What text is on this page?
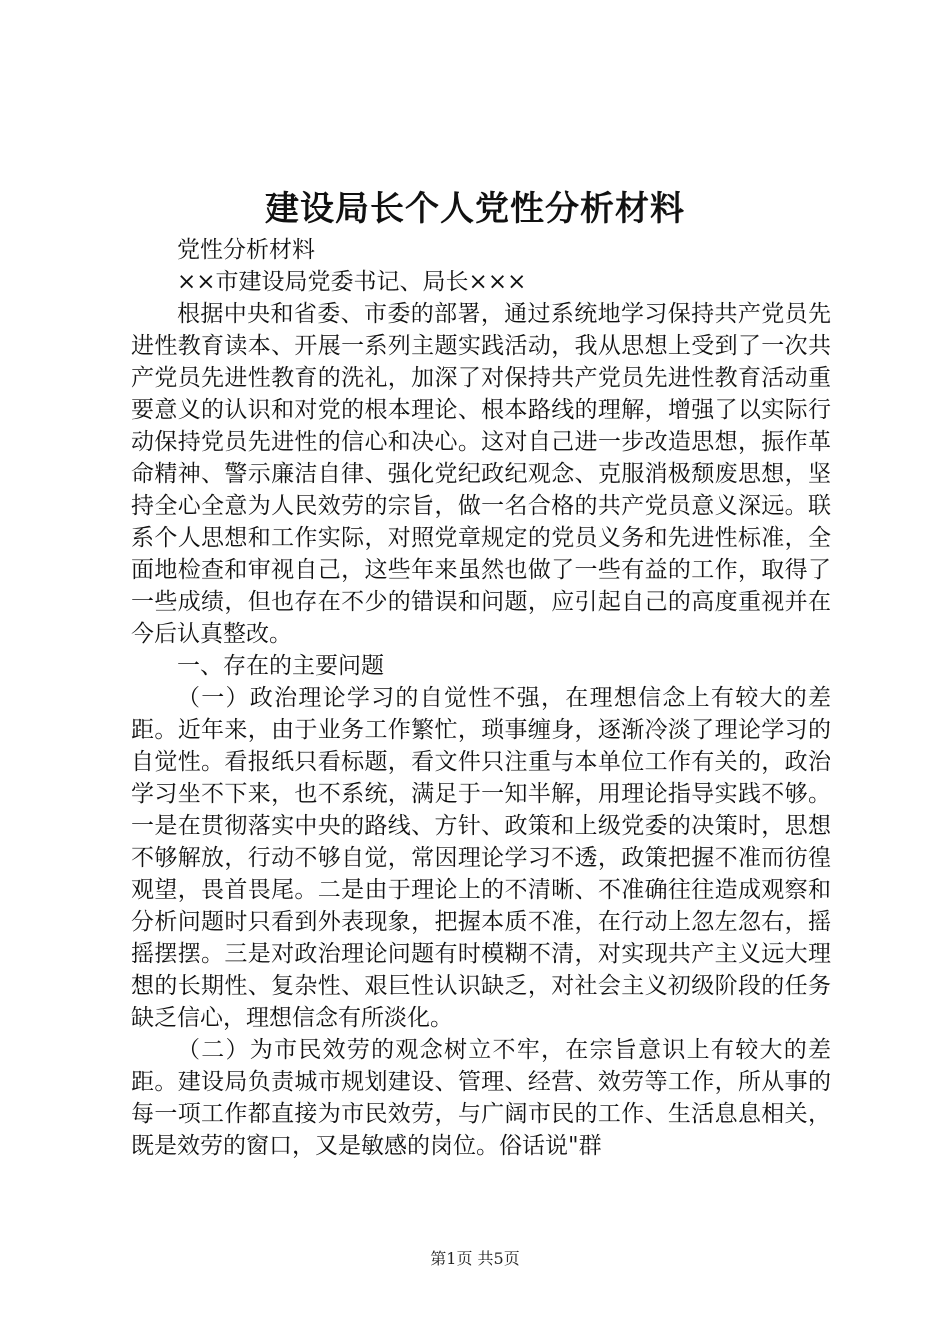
建设局长个人党性分析材料

党性分析材料

××市建设局党委书记、局长×××

根据中央和省委、市委的部署，通过系统地学习保持共产党员先进性教育读本、开展一系列主题实践活动，我从思想上受到了一次共产党员先进性教育的洗礼，加深了对保持共产党员先进性教育活动重要意义的认识和对党的根本理论、根本路线的理解，增强了以实际行动保持党员先进性的信心和决心。这对自己进一步改造思想，振作革命精神、警示廉洁自律、强化党纪政纪观念、克服消极颓废思想，坚持全心全意为人民效劳的宗旨，做一名合格的共产党员意义深远。联系个人思想和工作实际，对照党章规定的党员义务和先进性标准，全面地检查和审视自己，这些年来虽然也做了一些有益的工作，取得了一些成绩，但也存在不少的错误和问题，应引起自己的高度重视并在今后认真整改。

一、存在的主要问题

（一）政治理论学习的自觉性不强，在理想信念上有较大的差距。近年来，由于业务工作繁忙，琐事缠身，逐渐冷淡了理论学习的自觉性。看报纸只看标题，看文件只注重与本单位工作有关的，政治学习坐不下来，也不系统，满足于一知半解，用理论指导实践不够。一是在贯彻落实中央的路线、方针、政策和上级党委的决策时，思想不够解放，行动不够自觉，常因理论学习不透，政策把握不准而彷徨观望，畏首畏尾。二是由于理论上的不清晰、不准确往往造成观察和分析问题时只看到外表现象，把握本质不准，在行动上忽左忽右，摇摇摆摆。三是对政治理论问题有时模糊不清，对实现共产主义远大理想的长期性、复杂性、艰巨性认识缺乏，对社会主义初级阶段的任务缺乏信心，理想信念有所淡化。

（二）为市民效劳的观念树立不牢，在宗旨意识上有较大的差距。建设局负责城市规划建设、管理、经营、效劳等工作，所从事的每一项工作都直接为市民效劳，与广阔市民的工作、生活息息相关，既是效劳的窗口，又是敏感的岗位。俗话说"群

第1页 共5页
